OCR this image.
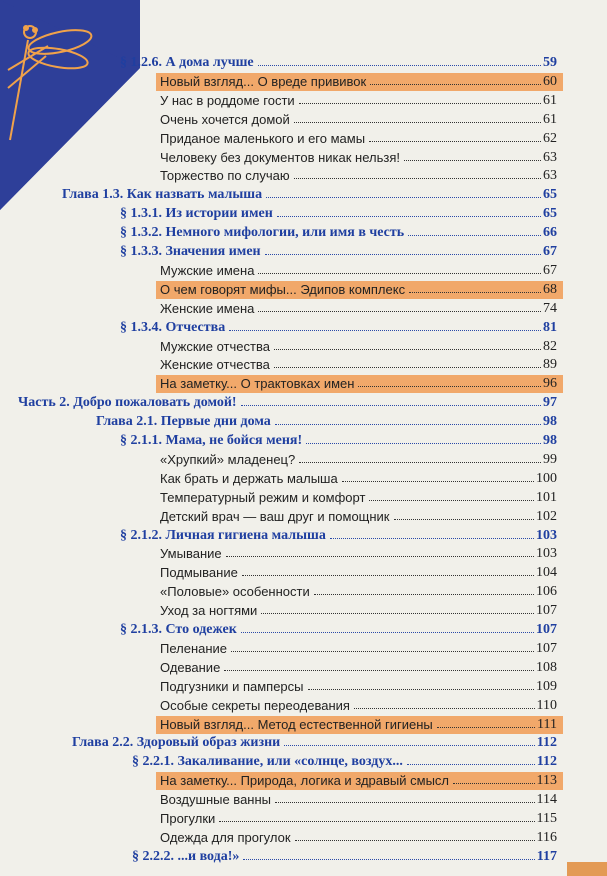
§ 1.2.6. А дома лучше	59
Новый взгляд... О вреде прививок	60
У нас в роддоме гости	61
Очень хочется домой	61
Приданое маленького и его мамы	62
Человеку без документов никак нельзя!	63
Торжество по случаю	63
Глава 1.3. Как назвать малыша	65
§ 1.3.1. Из истории имен	65
§ 1.3.2. Немного мифологии, или имя в честь	66
§ 1.3.3. Значения имен	67
Мужские имена	67
О чем говорят мифы... Эдипов комплекс	68
Женские имена	74
§ 1.3.4. Отчества	81
Мужские отчества	82
Женские отчества	89
На заметку... О трактовках имен	96
Часть 2. Добро пожаловать домой!	97
Глава 2.1. Первые дни дома	98
§ 2.1.1. Мама, не бойся меня!	98
«Хрупкий» младенец?	99
Как брать и держать малыша	100
Температурный режим и комфорт	101
Детский врач — ваш друг и помощник	102
§ 2.1.2. Личная гигиена малыша	103
Умывание	103
Подмывание	104
«Половые» особенности	106
Уход за ногтями	107
§ 2.1.3. Сто одежек	107
Пеленание	107
Одевание	108
Подгузники и памперсы	109
Особые секреты переодевания	110
Новый взгляд... Метод естественной гигиены	111
Глава 2.2. Здоровый образ жизни	112
§ 2.2.1. Закаливание, или «солнце, воздух...	112
На заметку... Природа, логика и здравый смысл	113
Воздушные ванны	114
Прогулки	115
Одежда для прогулок	116
§ 2.2.2. ...и вода!»	117
